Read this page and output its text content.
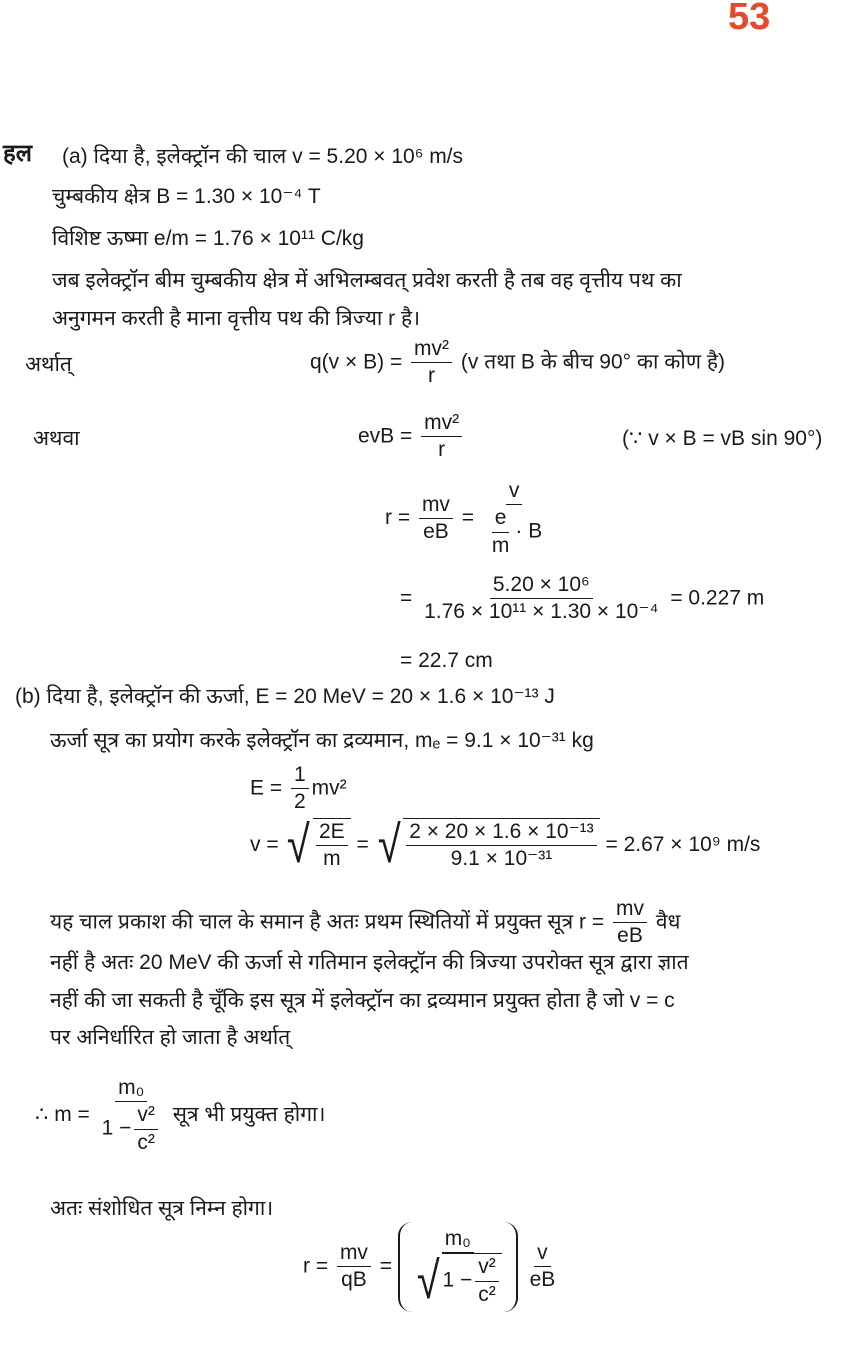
53
हल (a) दिया है, इलेक्ट्रॉन की चाल v = 5.20 × 10⁶ m/s
चुम्बकीय क्षेत्र B = 1.30 × 10⁻⁴ T
विशिष्ट ऊष्मा e/m = 1.76 × 10¹¹ C/kg
जब इलेक्ट्रॉन बीम चुम्बकीय क्षेत्र में अभिलम्बवत् प्रवेश करती है तब वह वृत्तीय पथ का
अनुगमन करती है माना वृत्तीय पथ की त्रिज्या r है।
अर्थात्	$q(v \times B) = \frac{\text{mv²}}{r} (v$ तथा B के बीच 90° का कोण है)
अथवा	evB = $\frac{\text{mv²}}{r}$	(∵ v × B = vB sin 90°)
$r = \frac{mv}{eB} = \frac{v}{\frac{e}{m} \cdot B}$
= $\frac{\text{5.20 × 10⁶}}{\text{1.76 × 10¹¹ × 1.30 × 10⁻⁴}} = 0.227$ m
= 22.7 cm
(b) दिया है, इलेक्ट्रॉन की ऊर्जा, E = 20 MeV = 20 × 1.6 × 10⁻¹³ J
ऊर्जा सूत्र का प्रयोग करके इलेक्ट्रॉन का द्रव्यमान, mₑ = 9.1 × 10⁻³¹ kg
$E = \frac{1}{2} mv^2$
v = √ $\frac{2E}{m}$ = √ $\frac{\text{2 × 20 × 1.6 × 10⁻¹³}}{\text{9.1 × 10⁻³¹}} = 2.67 \times 10^9$ m/s
यह चाल प्रकाश की चाल के समान है अतः प्रथम स्थितियों में प्रयुक्त सूत्र $r = \frac{mv}{eB}$ वैध
नहीं है अतः 20 MeV की ऊर्जा से गतिमान इलेक्ट्रॉन की त्रिज्या उपरोक्त सूत्र द्वारा ज्ञात
नहीं की जा सकती है चूँकि इस सूत्र में इलेक्ट्रॉन का द्रव्यमान प्रयुक्त होता है जो v = c
पर अनिर्धारित हो जाता है अर्थात्
∴ $m = \frac{\text{m₀}}{1 - \frac{\text{v²}}{\text{c²}}}$ सूत्र भी प्रयुक्त होगा।
अतः संशोधित सूत्र निम्न होगा।
$r = \frac{mv}{qB} = \frac{\text{m₀}}{√ 1 - \frac{\text{v²}}{\text{c²}}}$
$\frac{v}{eB}$
